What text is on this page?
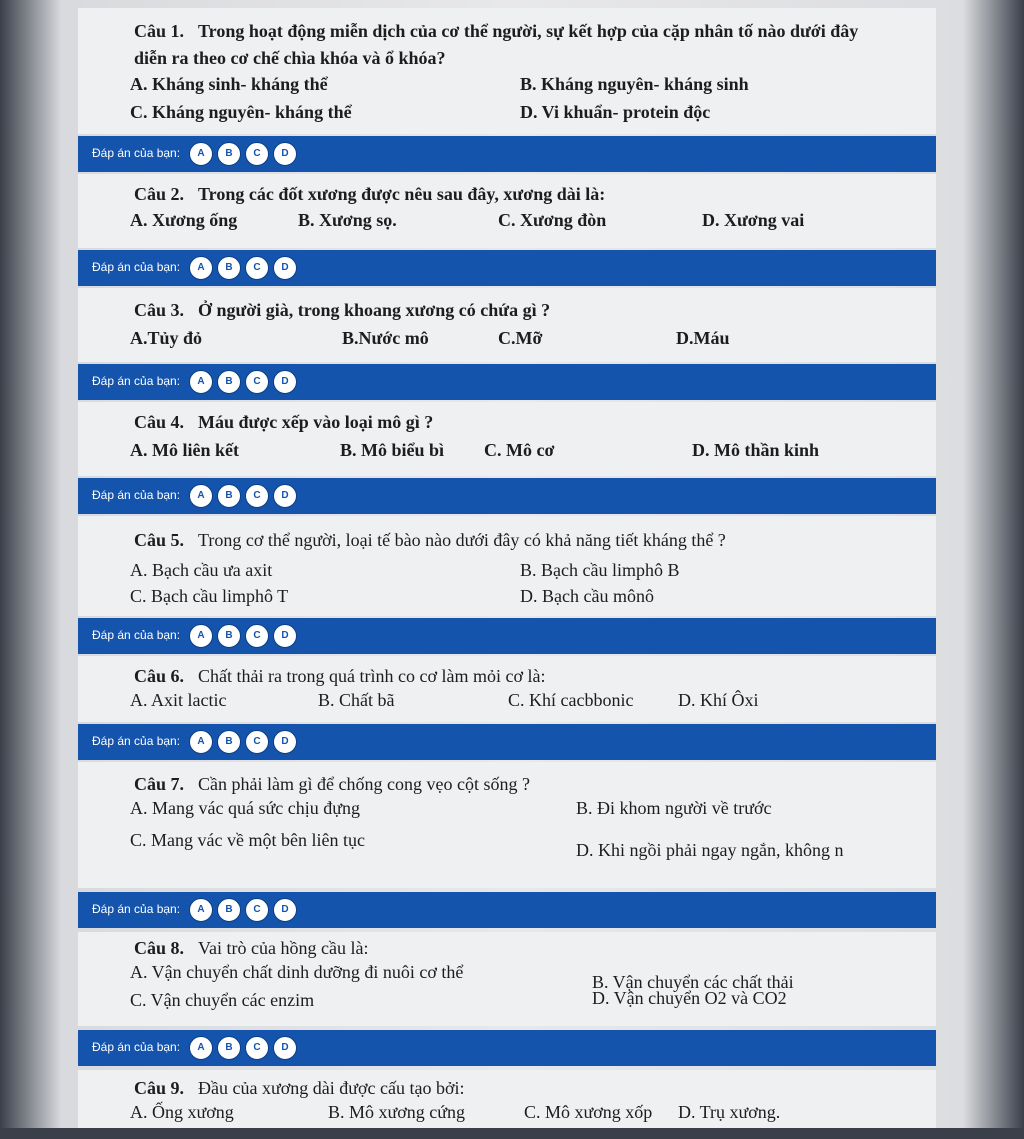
Câu 1. Trong hoạt động miễn dịch của cơ thể người, sự kết hợp của cặp nhân tố nào dưới đây diễn ra theo cơ chế chìa khóa và ổ khóa?
A. Kháng sinh- kháng thể	B. Kháng nguyên- kháng sinh
C. Kháng nguyên- kháng thể	D. Vi khuẩn- protein độc
Đáp án của bạn:	A	B	C	D
Câu 2. Trong các đốt xương được nêu sau đây, xương dài là:
A. Xương ống	B. Xương sọ.	C. Xương đòn	D. Xương vai
Đáp án của bạn:	A	B	C	D
Câu 3. Ở người già, trong khoang xương có chứa gì ?
A.Tủy đỏ	B.Nước mô	C.Mỡ	D.Máu
Đáp án của bạn:	A	B	C	D
Câu 4. Máu được xếp vào loại mô gì ?
A. Mô liên kết	B. Mô biểu bì C. Mô cơ	D. Mô thần kinh
Đáp án của bạn:	A	B	C	D
Câu 5. Trong cơ thể người, loại tế bào nào dưới đây có khả năng tiết kháng thể ?
A. Bạch cầu ưa axit	B. Bạch cầu limphô B
C. Bạch cầu limphô T	D. Bạch cầu mônô
Đáp án của bạn:	A	B	C	D
Câu 6. Chất thải ra trong quá trình co cơ làm mỏi cơ là:
A. Axit lactic	B. Chất bã	C. Khí cacbbonic D. Khí Ôxi
Đáp án của bạn:	A	B	C	D
Câu 7. Cần phải làm gì để chống cong vẹo cột sống ?
A. Mang vác quá sức chịu đựng	B. Đi khom người về trước
C. Mang vác về một bên liên tục	D. Khi ngồi phải ngay ngắn, không n
Đáp án của bạn:	A	B	C	D
Câu 8. Vai trò của hồng cầu là:
A. Vận chuyển chất dinh dưỡng đi nuôi cơ thể	B. Vận chuyển các chất thải
C. Vận chuyển các enzim	D. Vận chuyển O2 và CO2
Đáp án của bạn:	A	B	C	D
Câu 9. Đầu của xương dài được cấu tạo bởi:
A. Ống xương	B. Mô xương cứng	C. Mô xương xốp D. Trụ xương.
